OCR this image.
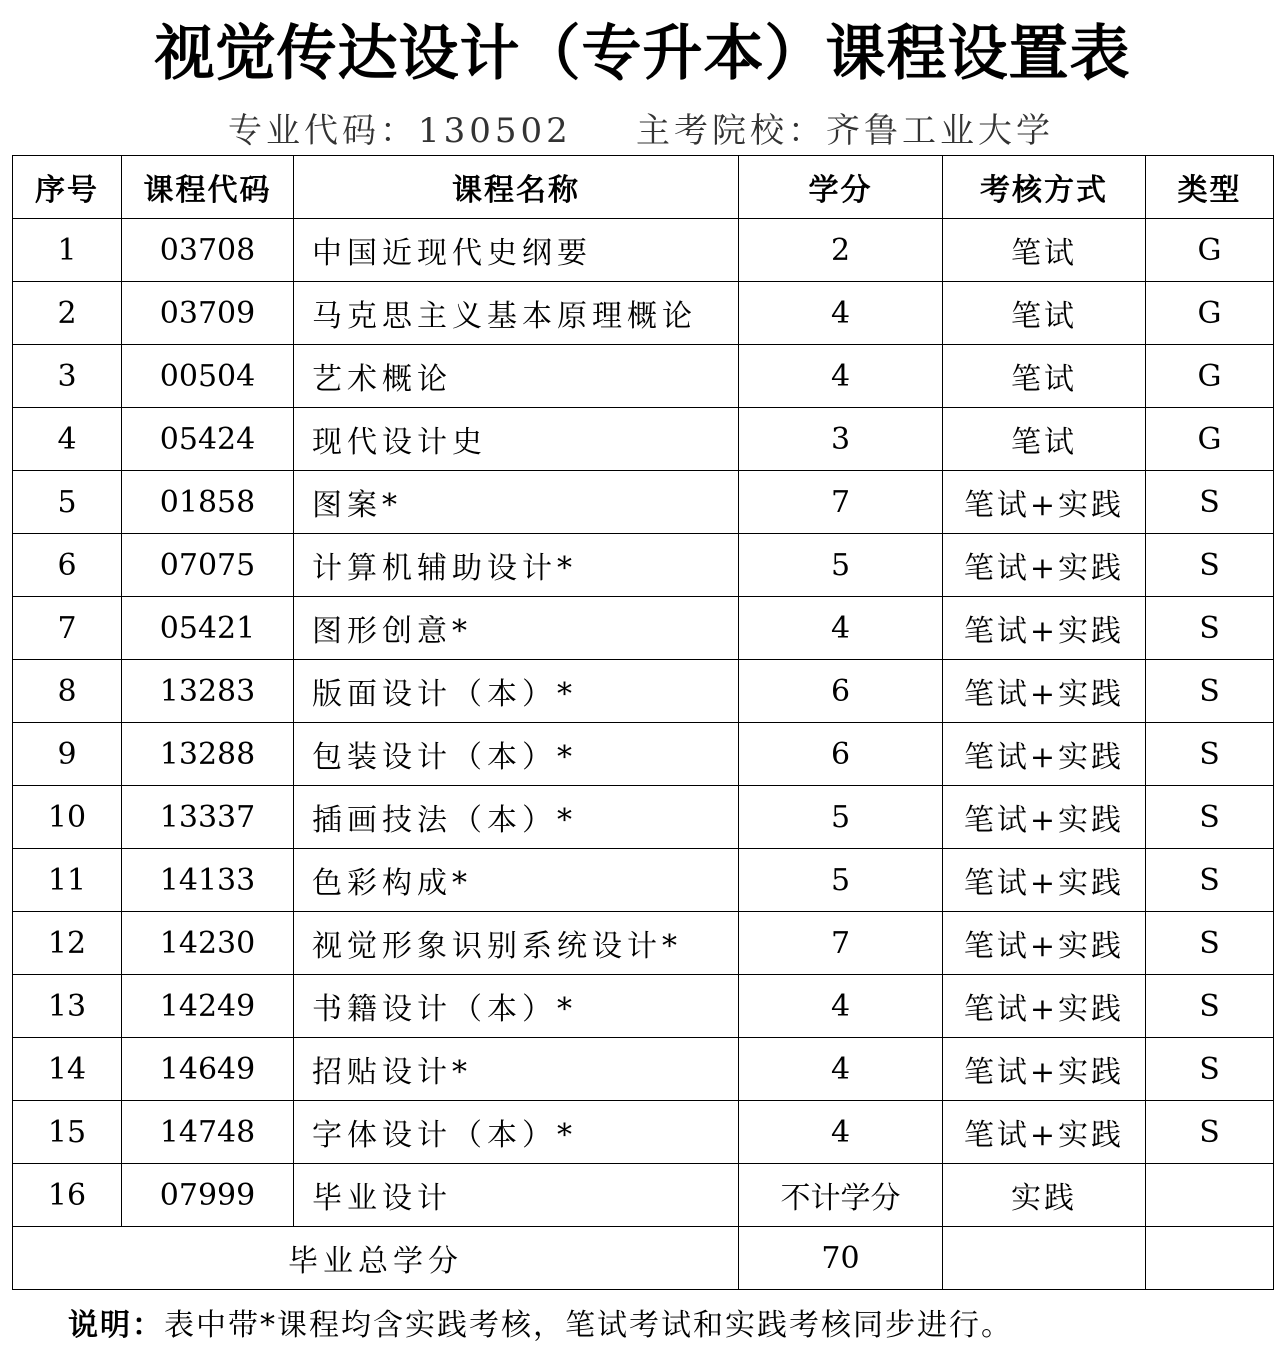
视觉传达设计（专升本）课程设置表
专业代码：130502 主考院校：齐鲁工业大学
序号	课程代码	课程名称	学分	考核方式	类型
1	03708	中国近现代史纲要	2	笔试	G
2	03709	马克思主义基本原理概论	4	笔试	G
3	00504	艺术概论	4	笔试	G
4	05424	现代设计史	3	笔试	G
5	01858	图案*	7	笔试+实践	S
6	07075	计算机辅助设计*	5	笔试+实践	S
7	05421	图形创意*	4	笔试+实践	S
8	13283	版面设计（本）*	6	笔试+实践	S
9	13288	包装设计（本）*	6	笔试+实践	S
10	13337	插画技法（本）*	5	笔试+实践	S
11	14133	色彩构成*	5	笔试+实践	S
12	14230	视觉形象识别系统设计*	7	笔试+实践	S
13	14249	书籍设计（本）*	4	笔试+实践	S
14	14649	招贴设计*	4	笔试+实践	S
15	14748	字体设计（本）*	4	笔试+实践	S
16	07999	毕业设计	不计学分	实践	
毕业总学分			70		
说明：表中带*课程均含实践考核，笔试考试和实践考核同步进行。
